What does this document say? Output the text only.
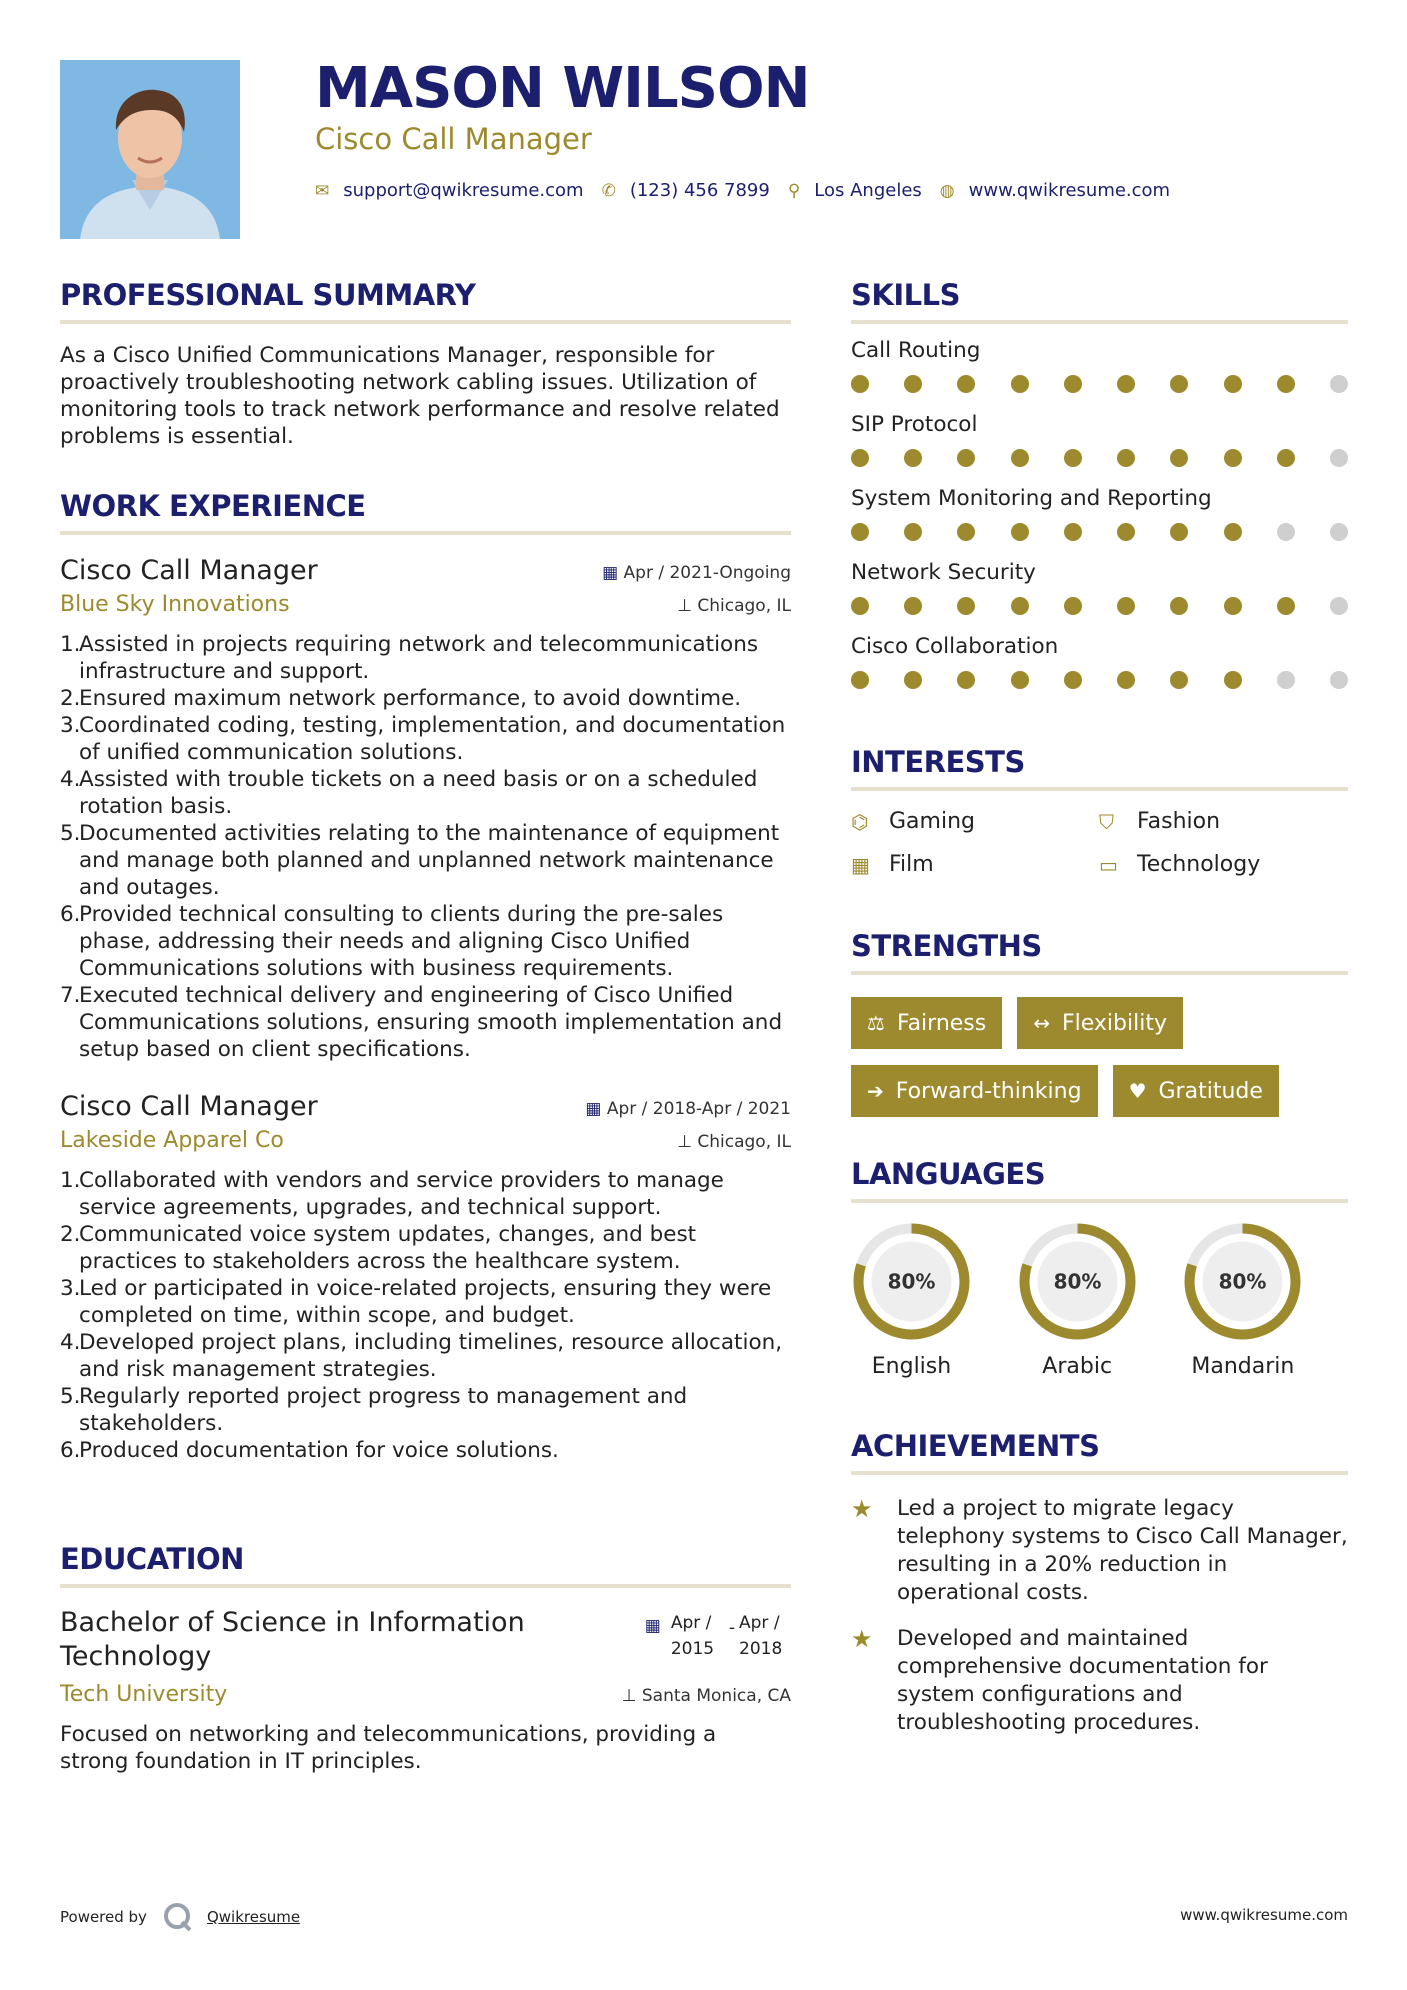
MASON WILSON
Cisco Call Manager
✉ support@qwikresume.com ✆ (123) 456 7899 ⚲ Los Angeles ◍ www.qwikresume.com
PROFESSIONAL SUMMARY
As a Cisco Unified Communications Manager, responsible for proactively troubleshooting network cabling issues. Utilization of monitoring tools to track network performance and resolve related problems is essential.
WORK EXPERIENCE
Cisco Call Manager	▦ Apr / 2021-Ongoing
Blue Sky Innovations	⊥ Chicago, IL
1.
Assisted in projects requiring network and telecommunications infrastructure and support.
2.
Ensured maximum network performance, to avoid downtime.
3.
Coordinated coding, testing, implementation, and documentation of unified communication solutions.
4.
Assisted with trouble tickets on a need basis or on a scheduled rotation basis.
5.
Documented activities relating to the maintenance of equipment and manage both planned and unplanned network maintenance and outages.
6.
Provided technical consulting to clients during the pre-sales phase, addressing their needs and aligning Cisco Unified Communications solutions with business requirements.
7.
Executed technical delivery and engineering of Cisco Unified Communications solutions, ensuring smooth implementation and setup based on client specifications.
Cisco Call Manager	▦ Apr / 2018-Apr / 2021
Lakeside Apparel Co	⊥ Chicago, IL
1.
Collaborated with vendors and service providers to manage service agreements, upgrades, and technical support.
2.
Communicated voice system updates, changes, and best practices to stakeholders across the healthcare system.
3.
Led or participated in voice-related projects, ensuring they were completed on time, within scope, and budget.
4.
Developed project plans, including timelines, resource allocation, and risk management strategies.
5.
Regularly reported project progress to management and stakeholders.
6.
Produced documentation for voice solutions.
EDUCATION
Bachelor of Science in Information Technology
▦ Apr / 2015
- Apr / 2018
Tech University	⊥ Santa Monica, CA
Focused on networking and telecommunications, providing a strong foundation in IT principles.
SKILLS
Call Routing
SIP Protocol
System Monitoring and Reporting
Network Security
Cisco Collaboration
INTERESTS
⌬ Gaming	⛉	Fashion
▦ Film	▭ Technology
STRENGTHS
⚖ Fairness ↔ Flexibility
➔ Forward-thinking ♥ Gratitude
LANGUAGES
80%
English
80%
Arabic
80%
Mandarin
ACHIEVEMENTS
★	Led a project to migrate legacy telephony systems to Cisco Call Manager, resulting in a 20% reduction in operational costs.
★	Developed and maintained comprehensive documentation for system configurations and troubleshooting procedures.
Powered by	Qwikresume	www.qwikresume.com
